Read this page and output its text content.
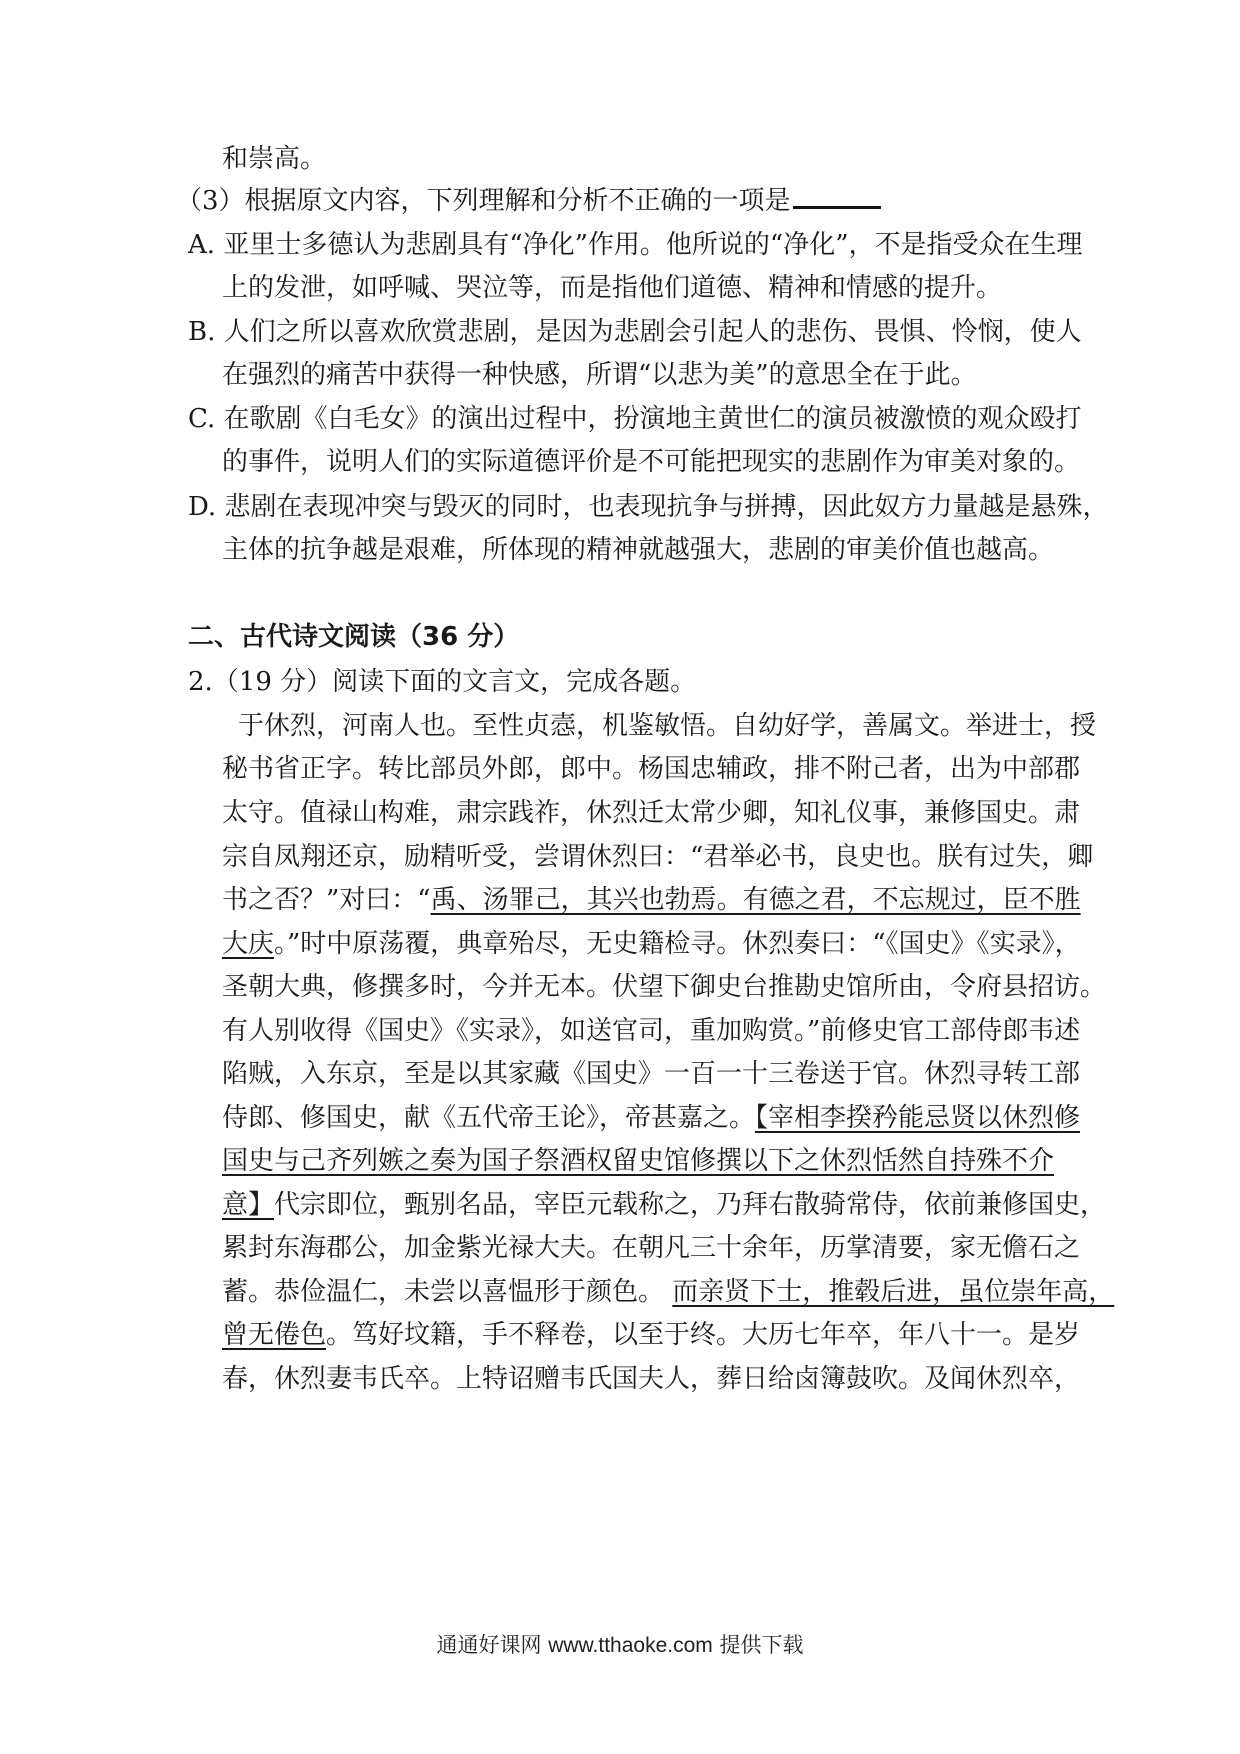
和崇高。
（3）根据原文内容，下列理解和分析不正确的一项是
A. 亚里士多德认为悲剧具有“净化”作用。他所说的“净化”，不是指受众在生理
上的发泄，如呼喊、哭泣等，而是指他们道德、精神和情感的提升。
B. 人们之所以喜欢欣赏悲剧，是因为悲剧会引起人的悲伤、畏惧、怜悯，使人
在强烈的痛苦中获得一种快感，所谓“以悲为美”的意思全在于此。
C. 在歌剧《白毛女》的演出过程中，扮演地主黄世仁的演员被激愤的观众殴打
的事件，说明人们的实际道德评价是不可能把现实的悲剧作为审美对象的。
D. 悲剧在表现冲突与毁灭的同时，也表现抗争与拼搏，因此奴方力量越是悬殊，
主体的抗争越是艰难，所体现的精神就越强大，悲剧的审美价值也越高。
二、古代诗文阅读（36 分）
2.（19 分）阅读下面的文言文，完成各题。
于休烈，河南人也。至性贞悫，机鉴敏悟。自幼好学，善属文。举进士，授
秘书省正字。转比部员外郎，郎中。杨国忠辅政，排不附己者，出为中部郡
太守。值禄山构难，肃宗践祚，休烈迁太常少卿，知礼仪事，兼修国史。肃
宗自凤翔还京，励精听受，尝谓休烈曰：“君举必书，良史也。朕有过失，卿
书之否？”对曰：“禹、汤罪己，其兴也勃焉。有德之君，不忘规过，臣不胜
大庆。”时中原荡覆，典章殆尽，无史籍检寻。休烈奏曰：“《国史》《实录》，
圣朝大典，修撰多时，今并无本。伏望下御史台推勘史馆所由，令府县招访。
有人别收得《国史》《实录》，如送官司，重加购赏。”前修史官工部侍郎韦述
陷贼，入东京，至是以其家藏《国史》一百一十三卷送于官。休烈寻转工部
侍郎、修国史，献《五代帝王论》，帝甚嘉之。【宰相李揆矜能忌贤以休烈修
国史与己齐列嫉之奏为国子祭酒权留史馆修撰以下之休烈恬然自持殊不介
意】代宗即位，甄别名品，宰臣元载称之，乃拜右散骑常侍，依前兼修国史，
累封东海郡公，加金紫光禄大夫。在朝凡三十余年，历掌清要，家无儋石之
蓄。恭俭温仁，未尝以喜愠形于颜色。 而亲贤下士，推毂后进，虽位崇年高，
曾无倦色。笃好坟籍，手不释卷，以至于终。大历七年卒，年八十一。是岁
春，休烈妻韦氏卒。上特诏赠韦氏国夫人，葬日给卤簿鼓吹。及闻休烈卒，
通通好课网 www.tthaoke.com 提供下载
